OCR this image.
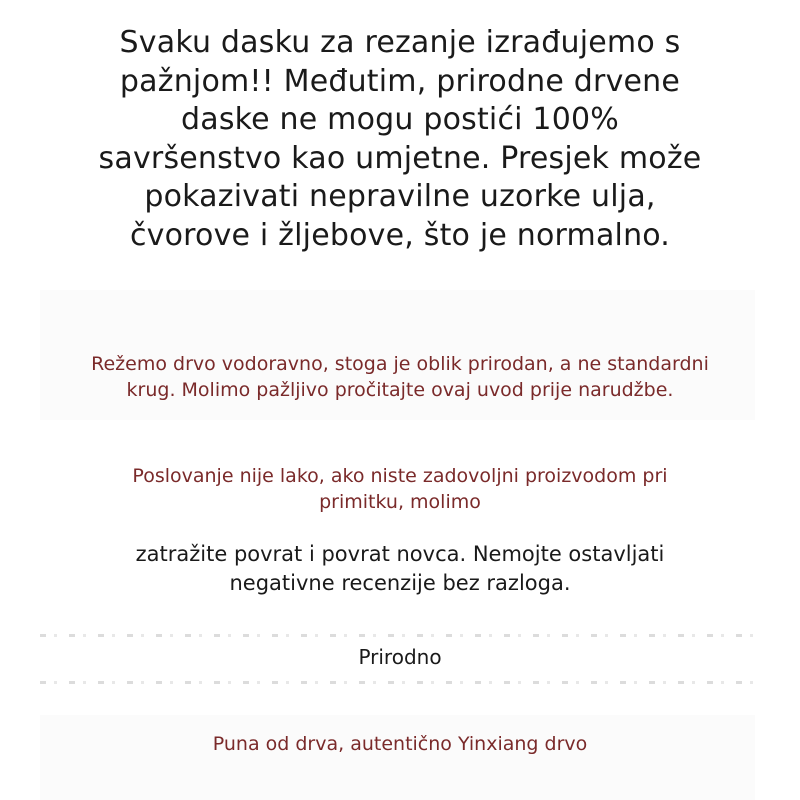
Svaku dasku za rezanje izrađujemo s
pažnjom!! Međutim, prirodne drvene
daske ne mogu postići 100%
savršenstvo kao umjetne. Presjek može
pokazivati nepravilne uzorke ulja,
čvorove i žljebove, što je normalno.
Režemo drvo vodoravno, stoga je oblik prirodan, a ne standardni
krug. Molimo pažljivo pročitajte ovaj uvod prije narudžbe.
Poslovanje nije lako, ako niste zadovoljni proizvodom pri
primitku, molimo
zatražite povrat i povrat novca. Nemojte ostavljati
negativne recenzije bez razloga.
Prirodno
Puna od drva, autentično Yinxiang drvo
